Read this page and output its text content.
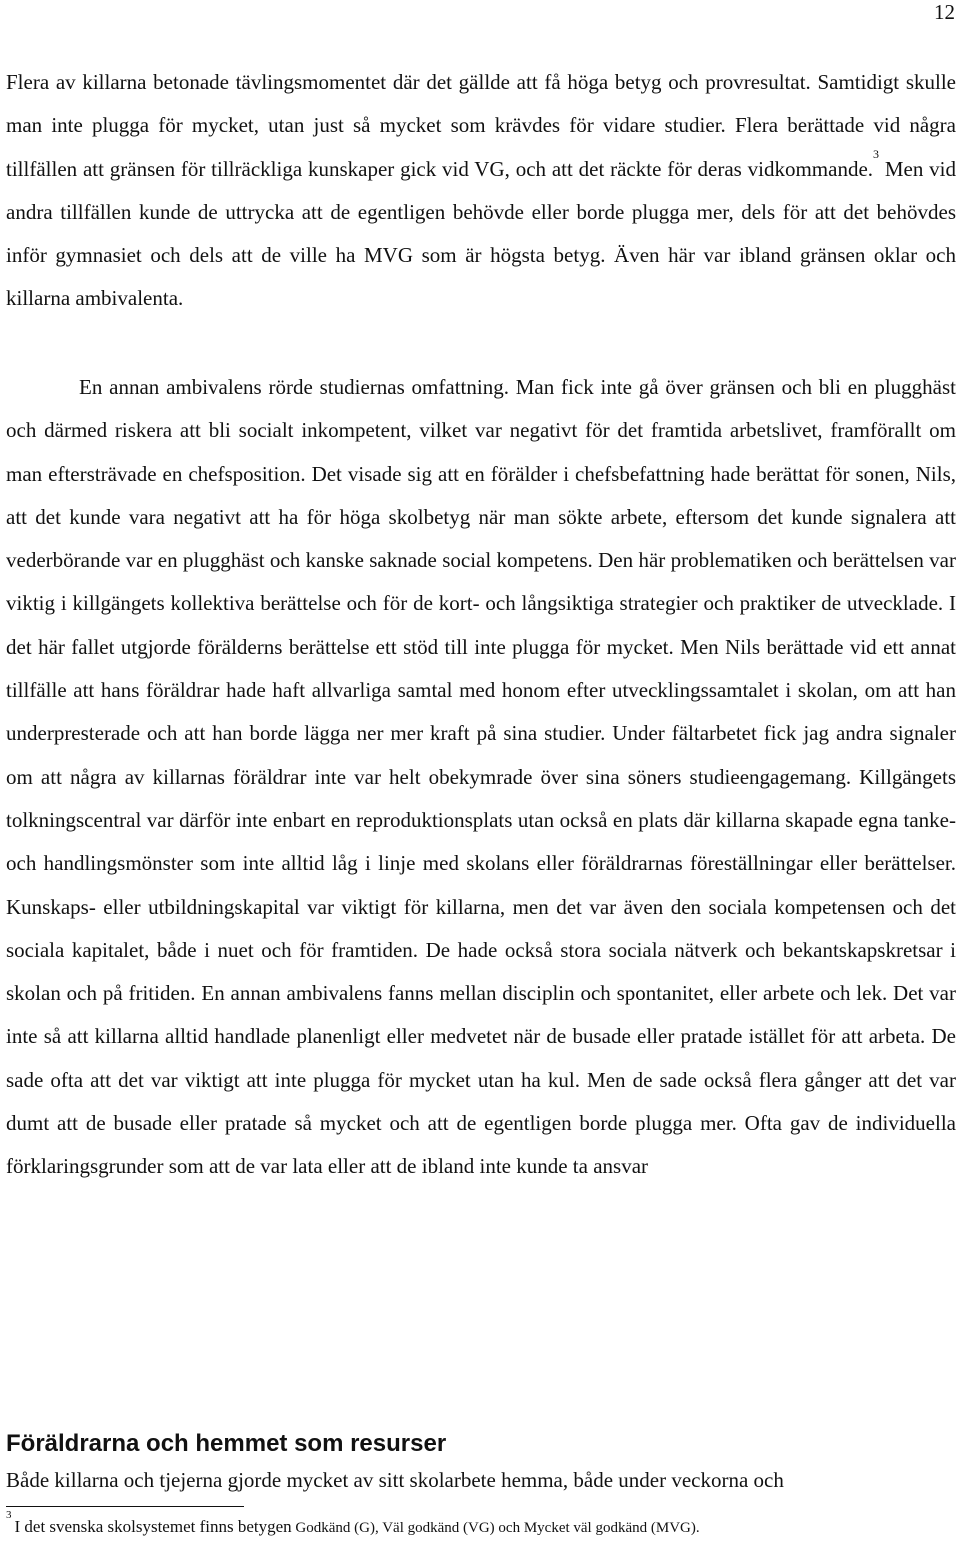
12

Flera av killarna betonade tävlingsmomentet där det gällde att få höga betyg och provresultat. Samtidigt skulle man inte plugga för mycket, utan just så mycket som krävdes för vidare studier. Flera berättade vid några tillfällen att gränsen för tillräckliga kunskaper gick vid VG, och att det räckte för deras vidkommande.$^3$ Men vid andra tillfällen kunde de uttrycka att de egentligen behövde eller borde plugga mer, dels för att det behövdes inför gymnasiet och dels att de ville ha MVG som är högsta betyg. Även här var ibland gränsen oklar och killarna ambivalenta.

En annan ambivalens rörde studiernas omfattning. Man fick inte gå över gränsen och bli en plugghäst och därmed riskera att bli socialt inkompetent, vilket var negativt för det framtida arbetslivet, framförallt om man eftersträvade en chefsposition. Det visade sig att en förälder i chefsbefattning hade berättat för sonen, Nils, att det kunde vara negativt att ha för höga skolbetyg när man sökte arbete, eftersom det kunde signalera att vederbörande var en plugghäst och kanske saknade social kompetens. Den här problematiken och berättelsen var viktig i killgängets kollektiva berättelse och för de kort- och långsiktiga strategier och praktiker de utvecklade. I det här fallet utgjorde förälderns berättelse ett stöd till inte plugga för mycket. Men Nils berättade vid ett annat tillfälle att hans föräldrar hade haft allvarliga samtal med honom efter utvecklingssamtalet i skolan, om att han underpresterade och att han borde lägga ner mer kraft på sina studier. Under fältarbetet fick jag andra signaler om att några av killarnas föräldrar inte var helt obekymrade över sina söners studieengagemang. Killgängets tolkningscentral var därför inte enbart en reproduktionsplats utan också en plats där killarna skapade egna tanke- och handlingsmönster som inte alltid låg i linje med skolans eller föräldrarnas föreställningar eller berättelser. Kunskaps- eller utbildningskapital var viktigt för killarna, men det var även den sociala kompetensen och det sociala kapitalet, både i nuet och för framtiden. De hade också stora sociala nätverk och bekantskapskretsar i skolan och på fritiden. En annan ambivalens fanns mellan disciplin och spontanitet, eller arbete och lek. Det var inte så att killarna alltid handlade planenligt eller medvetet när de busade eller pratade istället för att arbeta. De sade ofta att det var viktigt att inte plugga för mycket utan ha kul. Men de sade också flera gånger att det var dumt att de busade eller pratade så mycket och att de egentligen borde plugga mer. Ofta gav de individuella förklaringsgrunder som att de var lata eller att de ibland inte kunde ta ansvar

Föräldrarna och hemmet som resurser

Både killarna och tjejerna gjorde mycket av sitt skolarbete hemma, både under veckorna och

$^3$I det svenska skolsystemet finns betygen Godkänd (G), Väl godkänd (VG) och Mycket väl godkänd (MVG).
